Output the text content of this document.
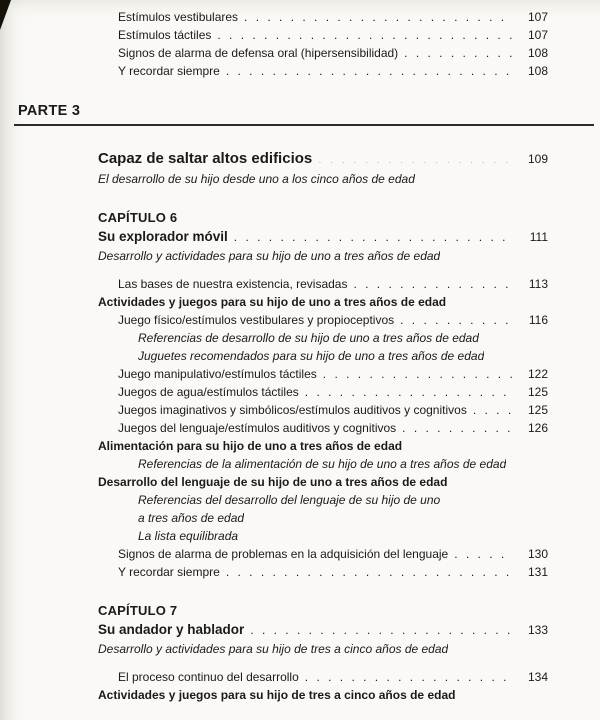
Estímulos vestibulares . . .	107
Estímulos táctiles . . .	107
Signos de alarma de defensa oral (hipersensibilidad) . . .	108
Y recordar siempre . . .	108
PARTE 3
Capaz de saltar altos edificios . . .	109
El desarrollo de su hijo desde uno a los cinco años de edad
CAPÍTULO 6
Su explorador móvil . . .	111
Desarrollo y actividades para su hijo de uno a tres años de edad
Las bases de nuestra existencia, revisadas . . .	113
Actividades y juegos para su hijo de uno a tres años de edad
Juego físico/estímulos vestibulares y propioceptivos . . .	116
Referencias de desarrollo de su hijo de uno a tres años de edad
Juguetes recomendados para su hijo de uno a tres años de edad
Juego manipulativo/estímulos táctiles . . .	122
Juegos de agua/estímulos táctiles . . .	125
Juegos imaginativos y simbólicos/estímulos auditivos y cognitivos . . .	125
Juegos del lenguaje/estímulos auditivos y cognitivos . . .	126
Alimentación para su hijo de uno a tres años de edad
Referencias de la alimentación de su hijo de uno a tres años de edad
Desarrollo del lenguaje de su hijo de uno a tres años de edad
Referencias del desarrollo del lenguaje de su hijo de uno
a tres años de edad
La lista equilibrada
Signos de alarma de problemas en la adquisición del lenguaje . . .	130
Y recordar siempre . . .	131
CAPÍTULO 7
Su andador y hablador . . .	133
Desarrollo y actividades para su hijo de tres a cinco años de edad
El proceso continuo del desarrollo . . .	134
Actividades y juegos para su hijo de tres a cinco años de edad
